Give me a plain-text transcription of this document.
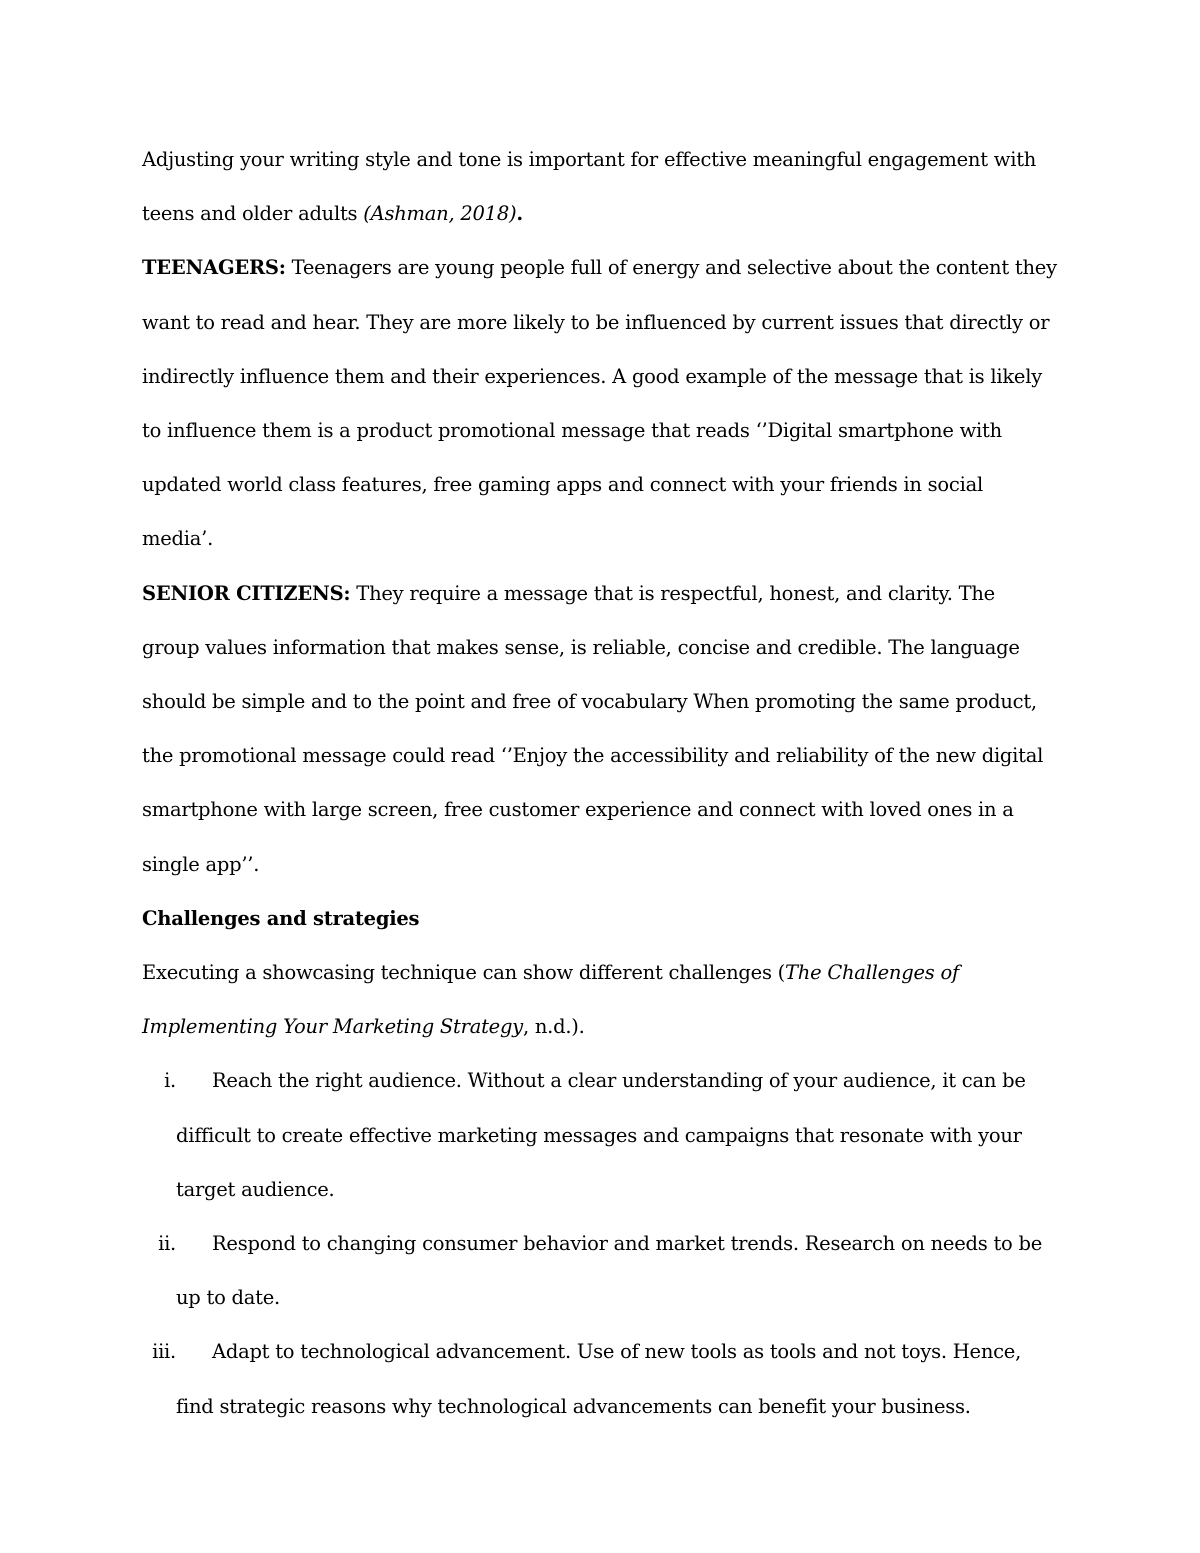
Adjusting your writing style and tone is important for effective meaningful engagement with teens and older adults (Ashman, 2018).

TEENAGERS: Teenagers are young people full of energy and selective about the content they want to read and hear. They are more likely to be influenced by current issues that directly or indirectly influence them and their experiences. A good example of the message that is likely to influence them is a product promotional message that reads ‘’Digital smartphone with updated world class features, free gaming apps and connect with your friends in social media’.

SENIOR CITIZENS: They require a message that is respectful, honest, and clarity. The group values information that makes sense, is reliable, concise and credible. The language should be simple and to the point and free of vocabulary When promoting the same product, the promotional message could read ‘’Enjoy the accessibility and reliability of the new digital smartphone with large screen, free customer experience and connect with loved ones in a single app’’.

Challenges and strategies

Executing a showcasing technique can show different challenges (The Challenges of Implementing Your Marketing Strategy, n.d.).

i. Reach the right audience. Without a clear understanding of your audience, it can be difficult to create effective marketing messages and campaigns that resonate with your target audience.
ii. Respond to changing consumer behavior and market trends. Research on needs to be up to date.
iii. Adapt to technological advancement. Use of new tools as tools and not toys. Hence, find strategic reasons why technological advancements can benefit your business.
